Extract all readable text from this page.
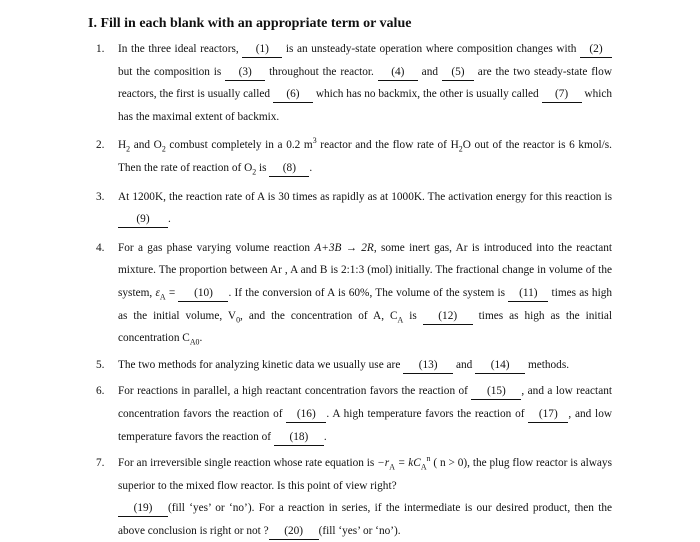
I. Fill in each blank with an appropriate term or value
1. In the three ideal reactors, (1) is an unsteady-state operation where composition changes with (2) but the composition is (3) throughout the reactor. (4) and (5) are the two steady-state flow reactors, the first is usually called (6) which has no backmix, the other is usually called (7) which has the maximal extent of backmix.
2. $H_2$ and $O_2$ combust completely in a 0.2 $m^3$ reactor and the flow rate of $H_2O$ out of the reactor is 6 kmol/s. Then the rate of reaction of $O_2$ is (8) .
3. At 1200K, the reaction rate of A is 30 times as rapidly as at 1000K. The activation energy for this reaction is (9) .
4. For a gas phase varying volume reaction A+3B → 2R, some inert gas, Ar is introduced into the reactant mixture. The proportion between Ar , A and B is 2:1:3 (mol) initially. The fractional change in volume of the system, $\varepsilon_A = (10)$ . If the conversion of A is 60%, The volume of the system is (11) times as high as the initial volume, $V_0$, and the concentration of A, $C_A$ is (12) times as high as the initial concentration $C_{A0}$.
5. The two methods for analyzing kinetic data we usually use are (13) and (14) methods.
6. For reactions in parallel, a high reactant concentration favors the reaction of (15) , and a low reactant concentration favors the reaction of (16) . A high temperature favors the reaction of (17) , and low temperature favors the reaction of (18) .
7. For an irreversible single reaction whose rate equation is $-r_A = kC_A^n$ ( n > 0), the plug flow reactor is always superior to the mixed flow reactor. Is this point of view right?
(19) (fill ‘yes’ or ‘no’). For a reaction in series, if the intermediate is our desired product, then the above conclusion is right or not ? (20) (fill ‘yes’ or ‘no’).
